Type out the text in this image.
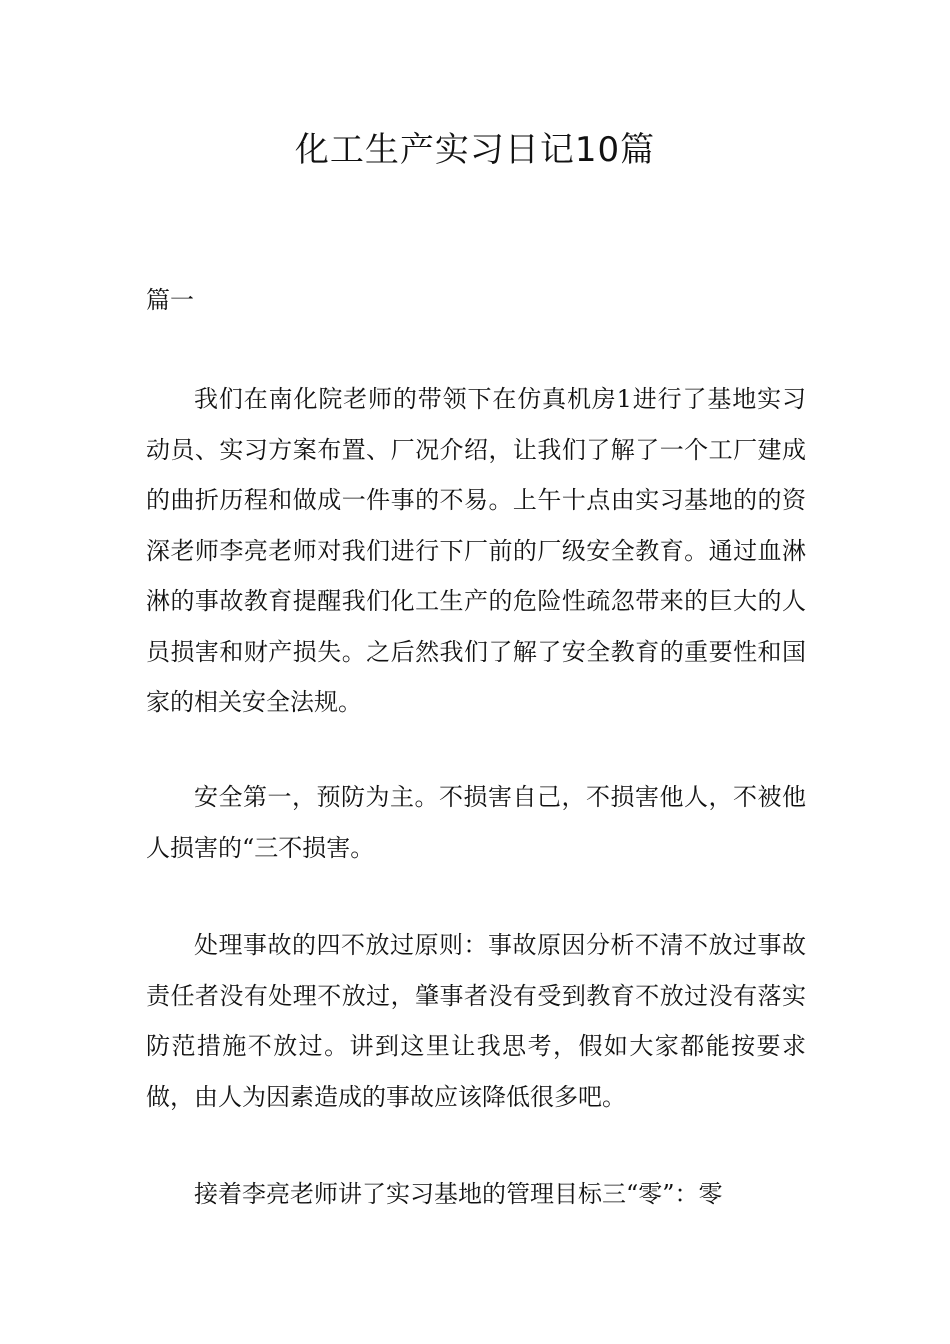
化工生产实习日记10篇
篇一

我们在南化院老师的带领下在仿真机房1进行了基地实习动员、实习方案布置、厂况介绍，让我们了解了一个工厂建成的曲折历程和做成一件事的不易。上午十点由实习基地的的资深老师李亮老师对我们进行下厂前的厂级安全教育。通过血淋淋的事故教育提醒我们化工生产的危险性疏忽带来的巨大的人员损害和财产损失。之后然我们了解了安全教育的重要性和国家的相关安全法规。

安全第一，预防为主。不损害自己，不损害他人，不被他人损害的“三不损害。

处理事故的四不放过原则：事故原因分析不清不放过事故责任者没有处理不放过，肇事者没有受到教育不放过没有落实防范措施不放过。讲到这里让我思考，假如大家都能按要求做，由人为因素造成的事故应该降低很多吧。

接着李亮老师讲了实习基地的管理目标三“零”：零
